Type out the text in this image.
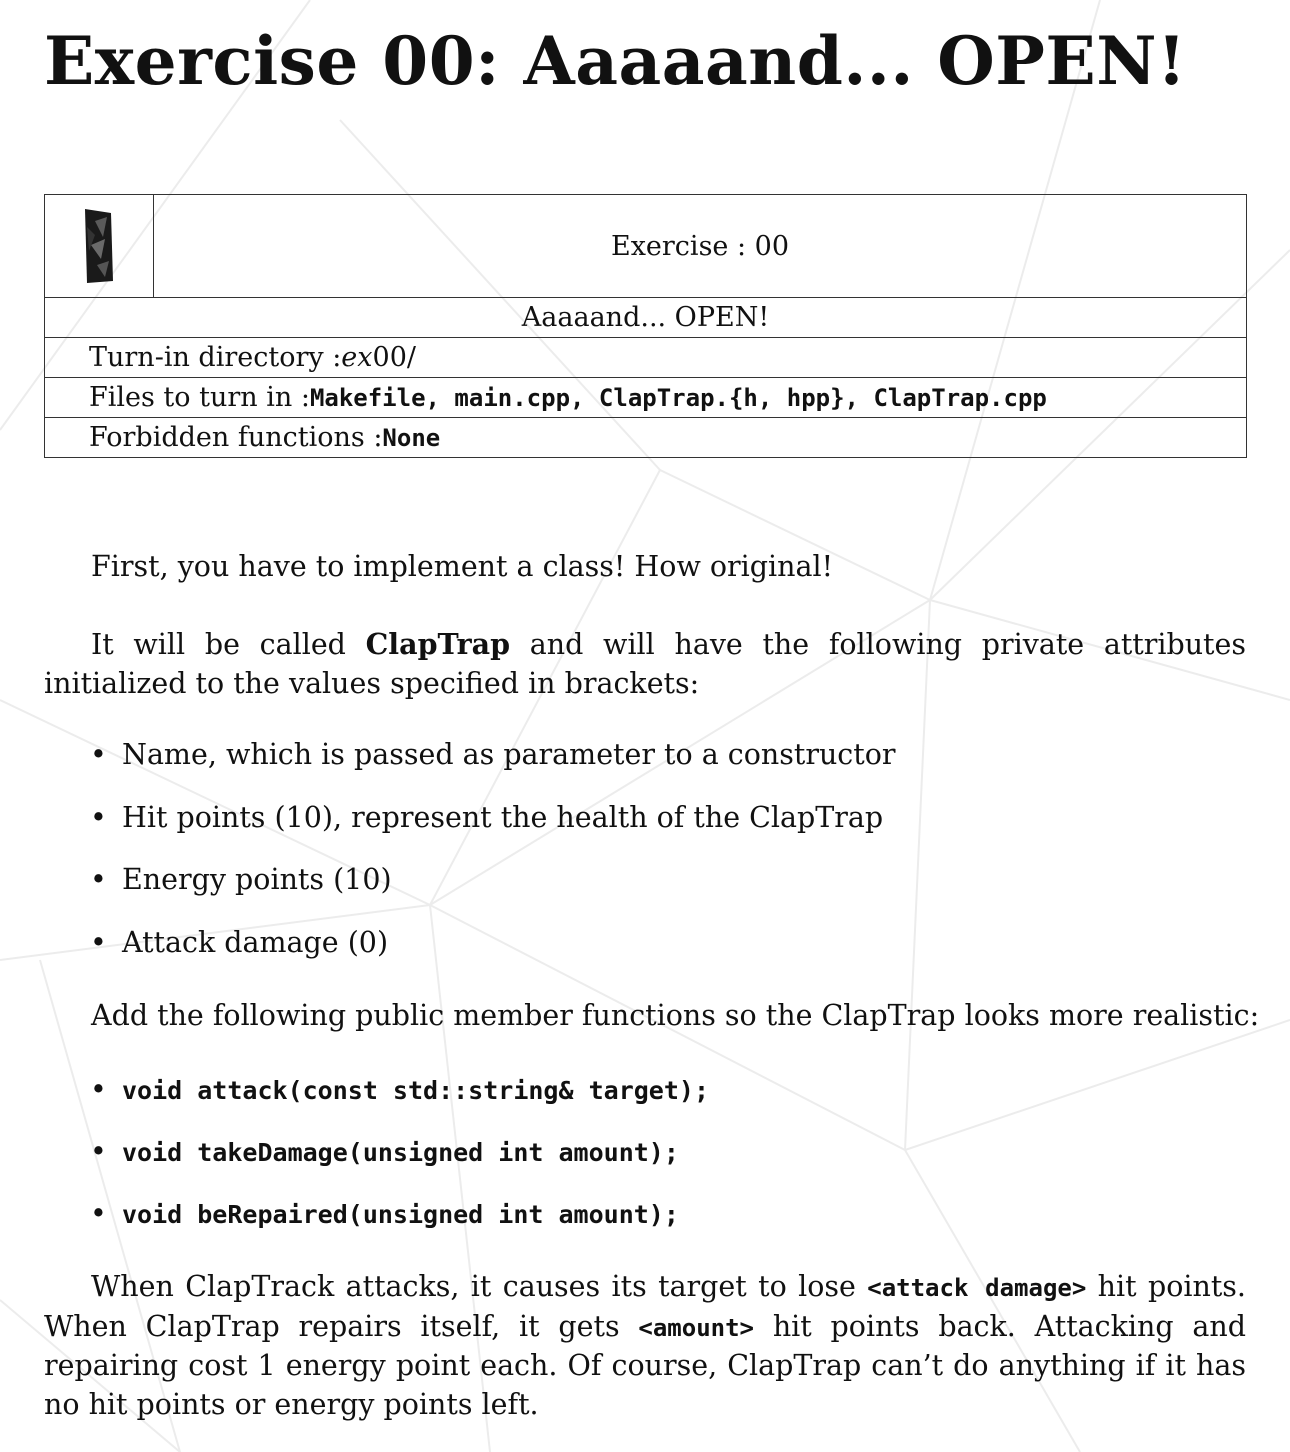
Exercise 00: Aaaaand... OPEN!
Exercise : 00
Aaaaand... OPEN!
Turn-in directory : ex 00/
Files to turn in : Makefile, main.cpp, ClapTrap.{h, hpp}, ClapTrap.cpp
Forbidden functions : None

First, you have to implement a class! How original!

It will be called ClapTrap and will have the following private attributes initialized to the values specified in brackets:

• Name, which is passed as parameter to a constructor
• Hit points (10), represent the health of the ClapTrap
• Energy points (10)
• Attack damage (0)

Add the following public member functions so the ClapTrap looks more realistic:

• void attack(const std::string& target);
• void takeDamage(unsigned int amount);
• void beRepaired(unsigned int amount);

When ClapTrack attacks, it causes its target to lose <attack damage> hit points. When ClapTrap repairs itself, it gets <amount> hit points back. Attacking and repairing cost 1 energy point each. Of course, ClapTrap can’t do anything if it has no hit points or energy points left.
